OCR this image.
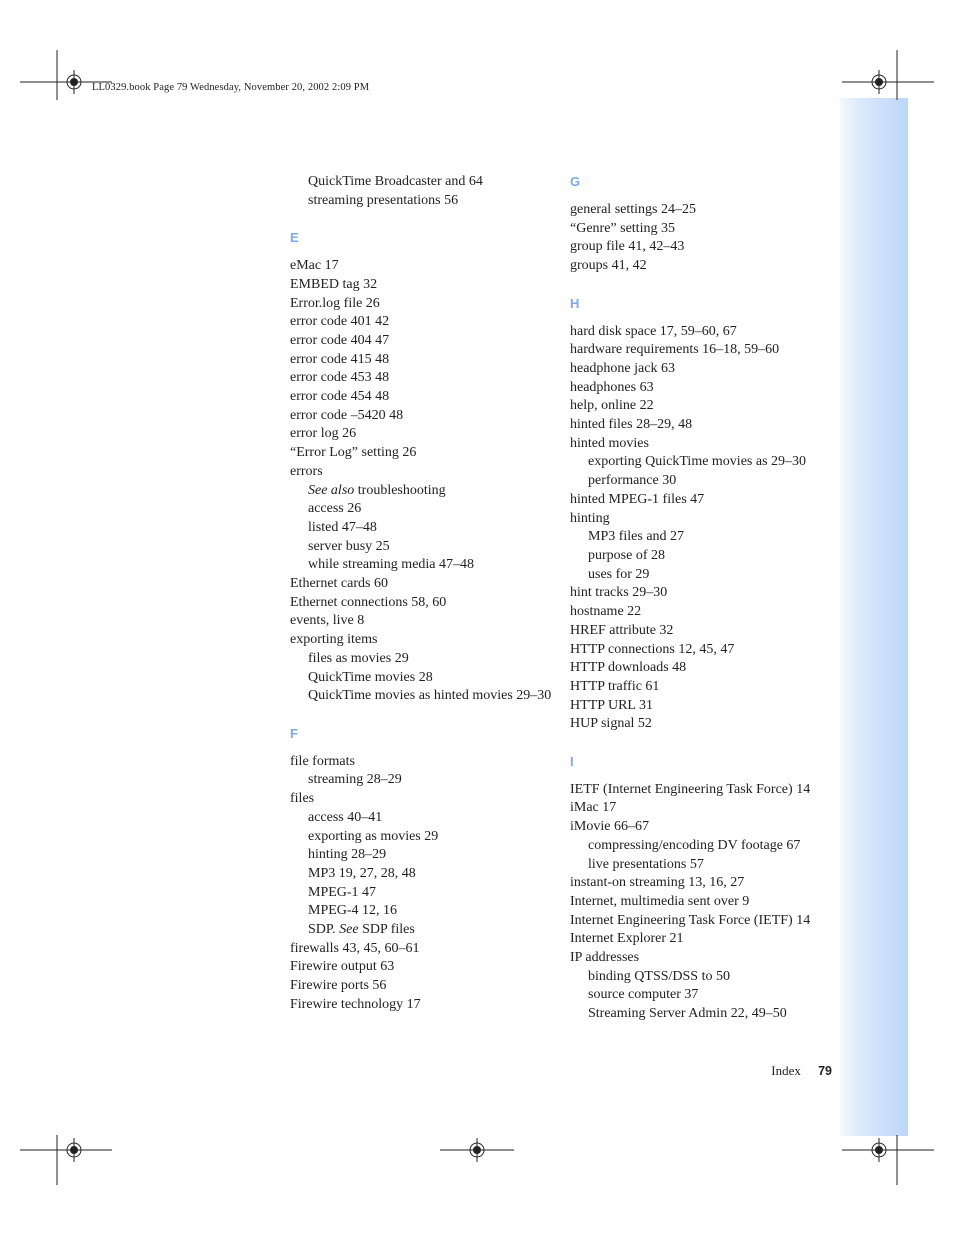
LL0329.book Page 79 Wednesday, November 20, 2002 2:09 PM
QuickTime Broadcaster and 64
streaming presentations 56
E
eMac 17
EMBED tag 32
Error.log file 26
error code 401 42
error code 404 47
error code 415 48
error code 453 48
error code 454 48
error code –5420 48
error log 26
“Error Log” setting 26
errors
See also troubleshooting
access 26
listed 47–48
server busy 25
while streaming media 47–48
Ethernet cards 60
Ethernet connections 58, 60
events, live 8
exporting items
files as movies 29
QuickTime movies 28
QuickTime movies as hinted movies 29–30
F
file formats
streaming 28–29
files
access 40–41
exporting as movies 29
hinting 28–29
MP3 19, 27, 28, 48
MPEG-1 47
MPEG-4 12, 16
SDP. See SDP files
firewalls 43, 45, 60–61
Firewire output 63
Firewire ports 56
Firewire technology 17
G
general settings 24–25
“Genre” setting 35
group file 41, 42–43
groups 41, 42
H
hard disk space 17, 59–60, 67
hardware requirements 16–18, 59–60
headphone jack 63
headphones 63
help, online 22
hinted files 28–29, 48
hinted movies
exporting QuickTime movies as 29–30
performance 30
hinted MPEG-1 files 47
hinting
MP3 files and 27
purpose of 28
uses for 29
hint tracks 29–30
hostname 22
HREF attribute 32
HTTP connections 12, 45, 47
HTTP downloads 48
HTTP traffic 61
HTTP URL 31
HUP signal 52
I
IETF (Internet Engineering Task Force) 14
iMac 17
iMovie 66–67
compressing/encoding DV footage 67
live presentations 57
instant-on streaming 13, 16, 27
Internet, multimedia sent over 9
Internet Engineering Task Force (IETF) 14
Internet Explorer 21
IP addresses
binding QTSS/DSS to 50
source computer 37
Streaming Server Admin 22, 49–50
Index 79
